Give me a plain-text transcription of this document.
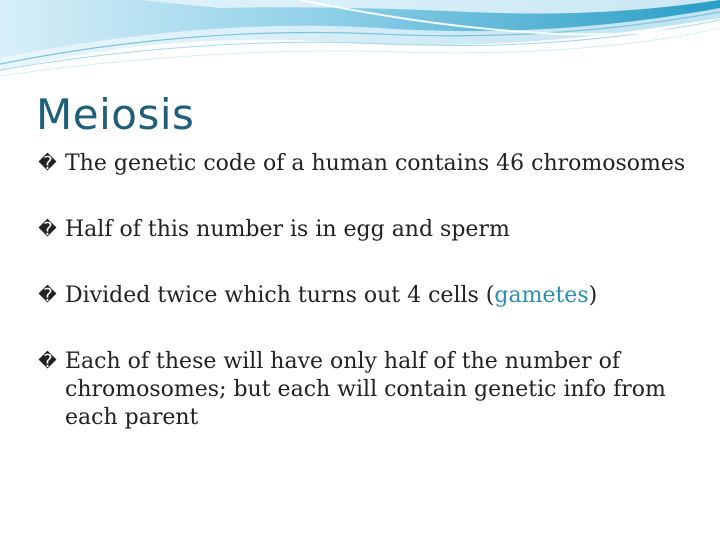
Meiosis
� The genetic code of a human contains 46 chromosomes
� Half of this number is in egg and sperm
� Divided twice which turns out 4 cells (gametes)
� Each of these will have only half of the number of chromosomes; but each will contain genetic info from each parent
